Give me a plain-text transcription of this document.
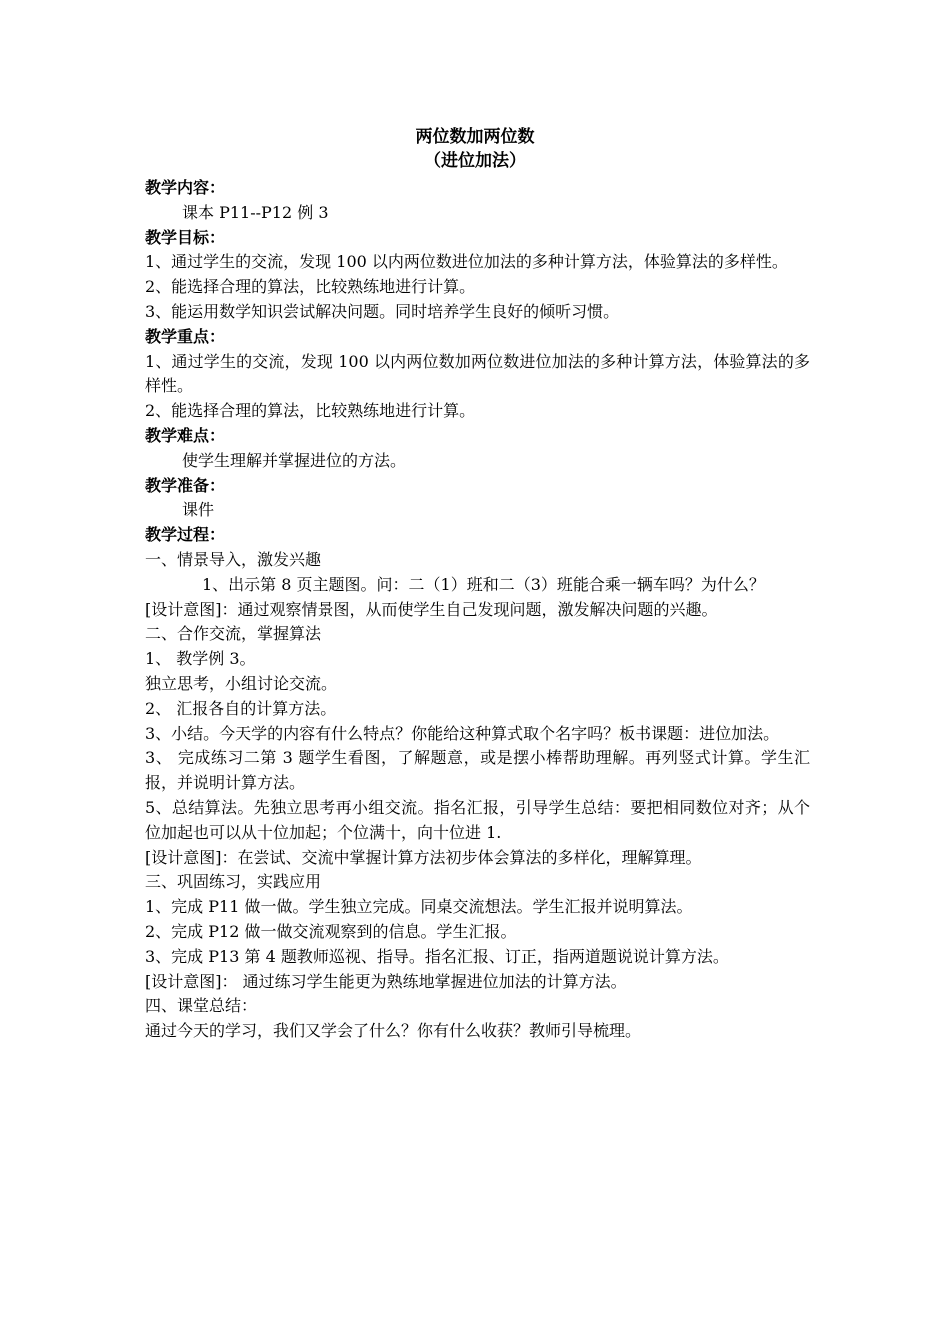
两位数加两位数
（进位加法）

教学内容：

课本 P11--P12 例 3

教学目标：

1、通过学生的交流，发现 100 以内两位数进位加法的多种计算方法，体验算法的多样性。

2、能选择合理的算法，比较熟练地进行计算。

3、能运用数学知识尝试解决问题。同时培养学生良好的倾听习惯。

教学重点：

1、通过学生的交流，发现 100 以内两位数加两位数进位加法的多种计算方法，体验算法的多样性。

2、能选择合理的算法，比较熟练地进行计算。

教学难点：

使学生理解并掌握进位的方法。

教学准备：

课件

教学过程：

一、情景导入，激发兴趣

1、出示第 8 页主题图。问：二（1）班和二（3）班能合乘一辆车吗？为什么？

[设计意图]：通过观察情景图，从而使学生自己发现问题，激发解决问题的兴趣。

二、合作交流，掌握算法

1、 教学例 3。

独立思考，小组讨论交流。

2、 汇报各自的计算方法。

3、小结。今天学的内容有什么特点？你能给这种算式取个名字吗？板书课题：进位加法。

3、 完成练习二第 3 题学生看图，了解题意，或是摆小棒帮助理解。再列竖式计算。学生汇报，并说明计算方法。

5、总结算法。先独立思考再小组交流。指名汇报，引导学生总结：要把相同数位对齐；从个位加起也可以从十位加起；个位满十，向十位进 1.

[设计意图]：在尝试、交流中掌握计算方法初步体会算法的多样化，理解算理。

三、巩固练习，实践应用

1、完成 P11 做一做。学生独立完成。同桌交流想法。学生汇报并说明算法。

2、完成 P12 做一做交流观察到的信息。学生汇报。

3、完成 P13 第 4 题教师巡视、指导。指名汇报、订正，指两道题说说计算方法。

[设计意图]： 通过练习学生能更为熟练地掌握进位加法的计算方法。

四、课堂总结：

通过今天的学习，我们又学会了什么？你有什么收获？教师引导梳理。
